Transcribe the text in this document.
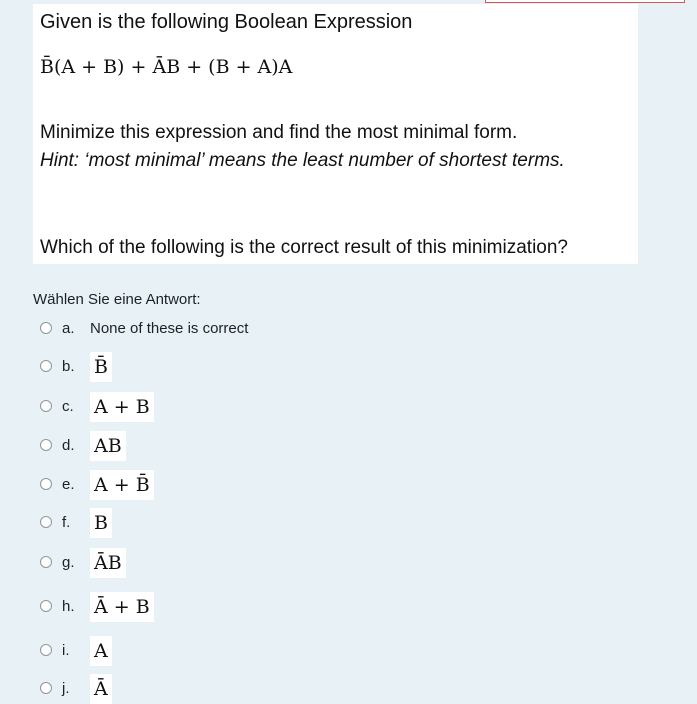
Given is the following Boolean Expression
B̄(A + B) + ĀB + (B + A)A
Minimize this expression and find the most minimal form.
Hint: ‘most minimal’ means the least number of shortest terms.
Which of the following is the correct result of this minimization?
Wählen Sie eine Antwort:
a. None of these is correct
b. B̄
c. A + B
d. AB
e. A + B̄
f. B
g. ĀB
h. Ā + B
i. A
j. Ā
